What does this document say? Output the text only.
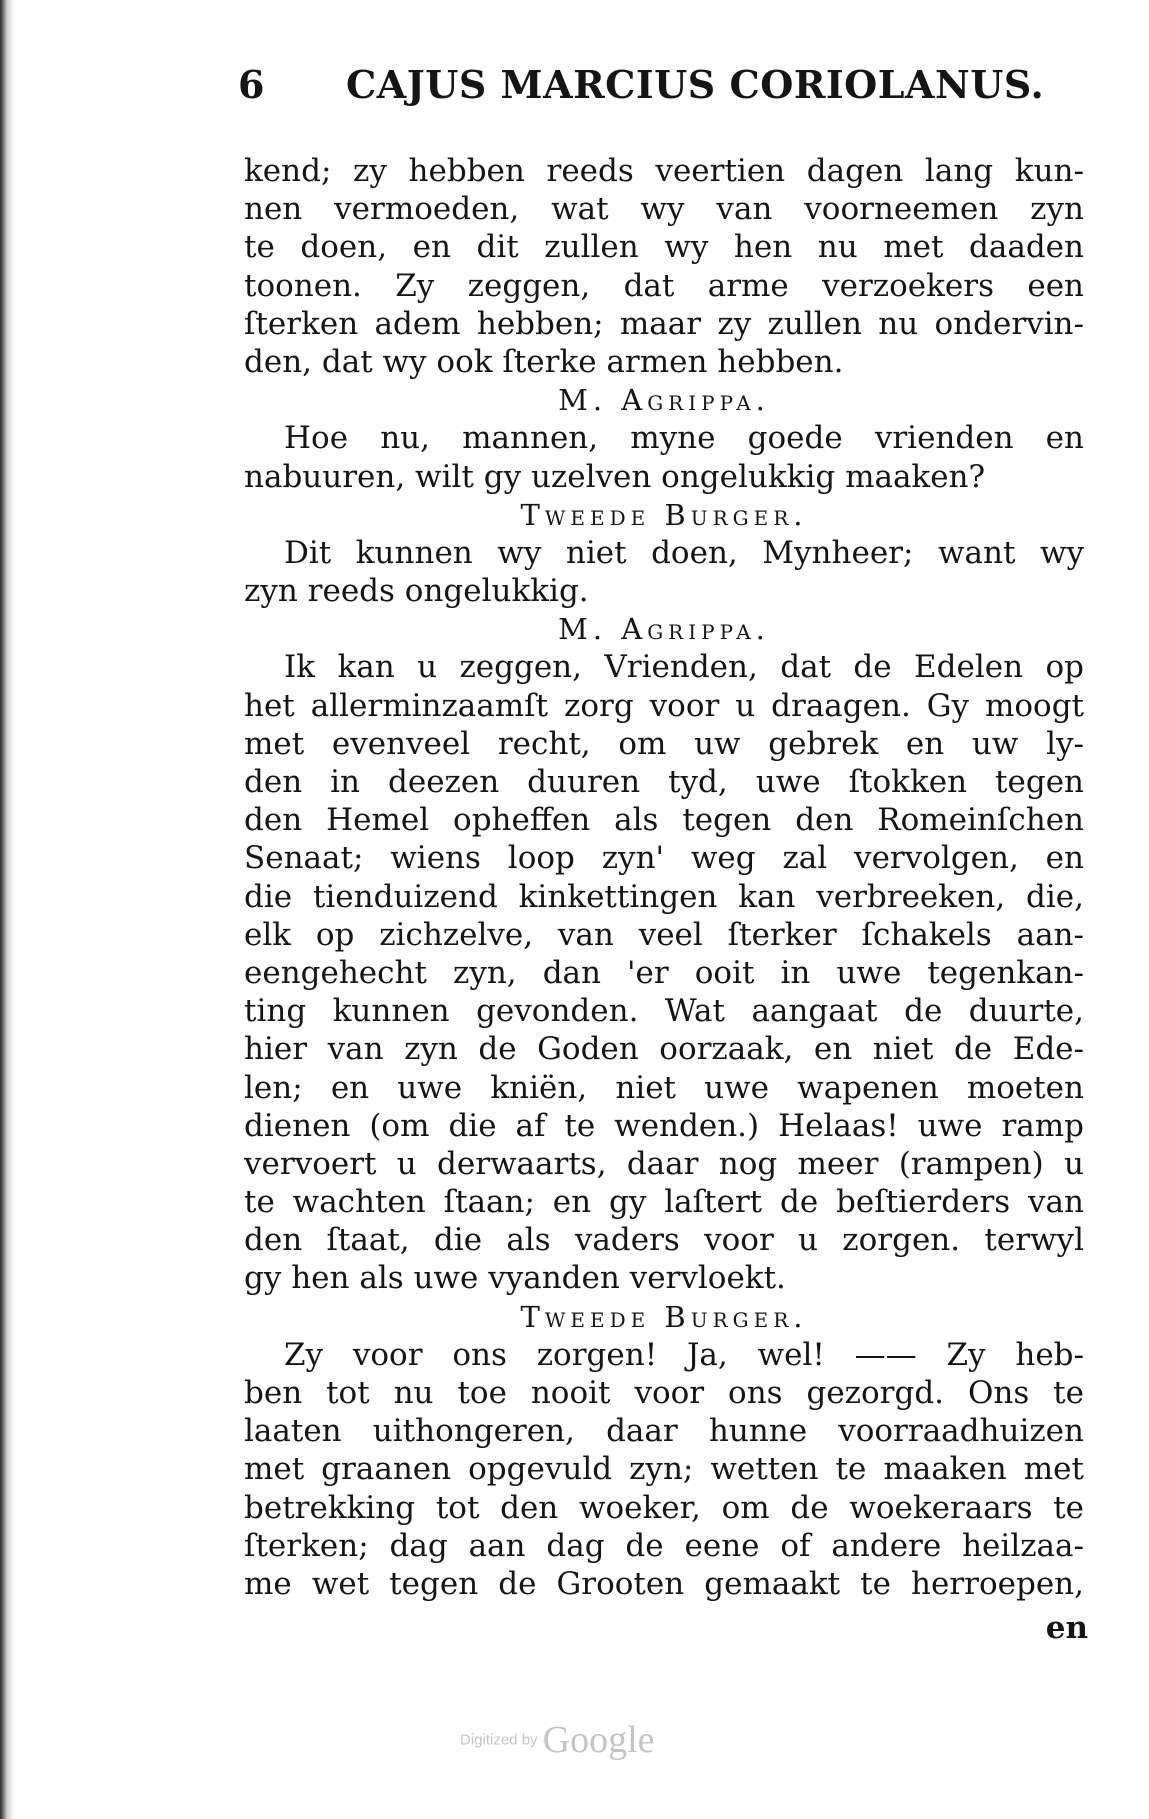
6 CAJUS MARCIUS CORIOLANUS.
kend; zy hebben reeds veertien dagen lang kun-
nen vermoeden, wat wy van voorneemen zyn
te doen, en dit zullen wy hen nu met daaden
toonen. Zy zeggen, dat arme verzoekers een
ſterken adem hebben; maar zy zullen nu ondervin-
den, dat wy ook ſterke armen hebben.
M. Agrippa.
Hoe nu, mannen, myne goede vrienden en
nabuuren, wilt gy uzelven ongelukkig maaken?
Tweede Burger.
Dit kunnen wy niet doen, Mynheer; want wy
zyn reeds ongelukkig.
M. Agrippa.
Ik kan u zeggen, Vrienden, dat de Edelen op
het allerminzaamſt zorg voor u draagen. Gy moogt
met evenveel recht, om uw gebrek en uw ly-
den in deezen duuren tyd, uwe ſtokken tegen
den Hemel opheffen als tegen den Romeinſchen
Senaat; wiens loop zyn' weg zal vervolgen, en
die tienduizend kinkettingen kan verbreeken, die,
elk op zichzelve, van veel ſterker ſchakels aan-
eengehecht zyn, dan 'er ooit in uwe tegenkan-
ting kunnen gevonden. Wat aangaat de duurte,
hier van zyn de Goden oorzaak, en niet de Ede-
len; en uwe kniën, niet uwe wapenen moeten
dienen (om die af te wenden.) Helaas! uwe ramp
vervoert u derwaarts, daar nog meer (rampen) u
te wachten ſtaan; en gy laſtert de beſtierders van
den ſtaat, die als vaders voor u zorgen. terwyl
gy hen als uwe vyanden vervloekt.
Tweede Burger.
Zy voor ons zorgen! Ja, wel! —— Zy heb-
ben tot nu toe nooit voor ons gezorgd. Ons te
laaten uithongeren, daar hunne voorraadhuizen
met graanen opgevuld zyn; wetten te maaken met
betrekking tot den woeker, om de woekeraars te
ſterken; dag aan dag de eene of andere heilzaa-
me wet tegen de Grooten gemaakt te herroepen,
en
Digitized by Google
